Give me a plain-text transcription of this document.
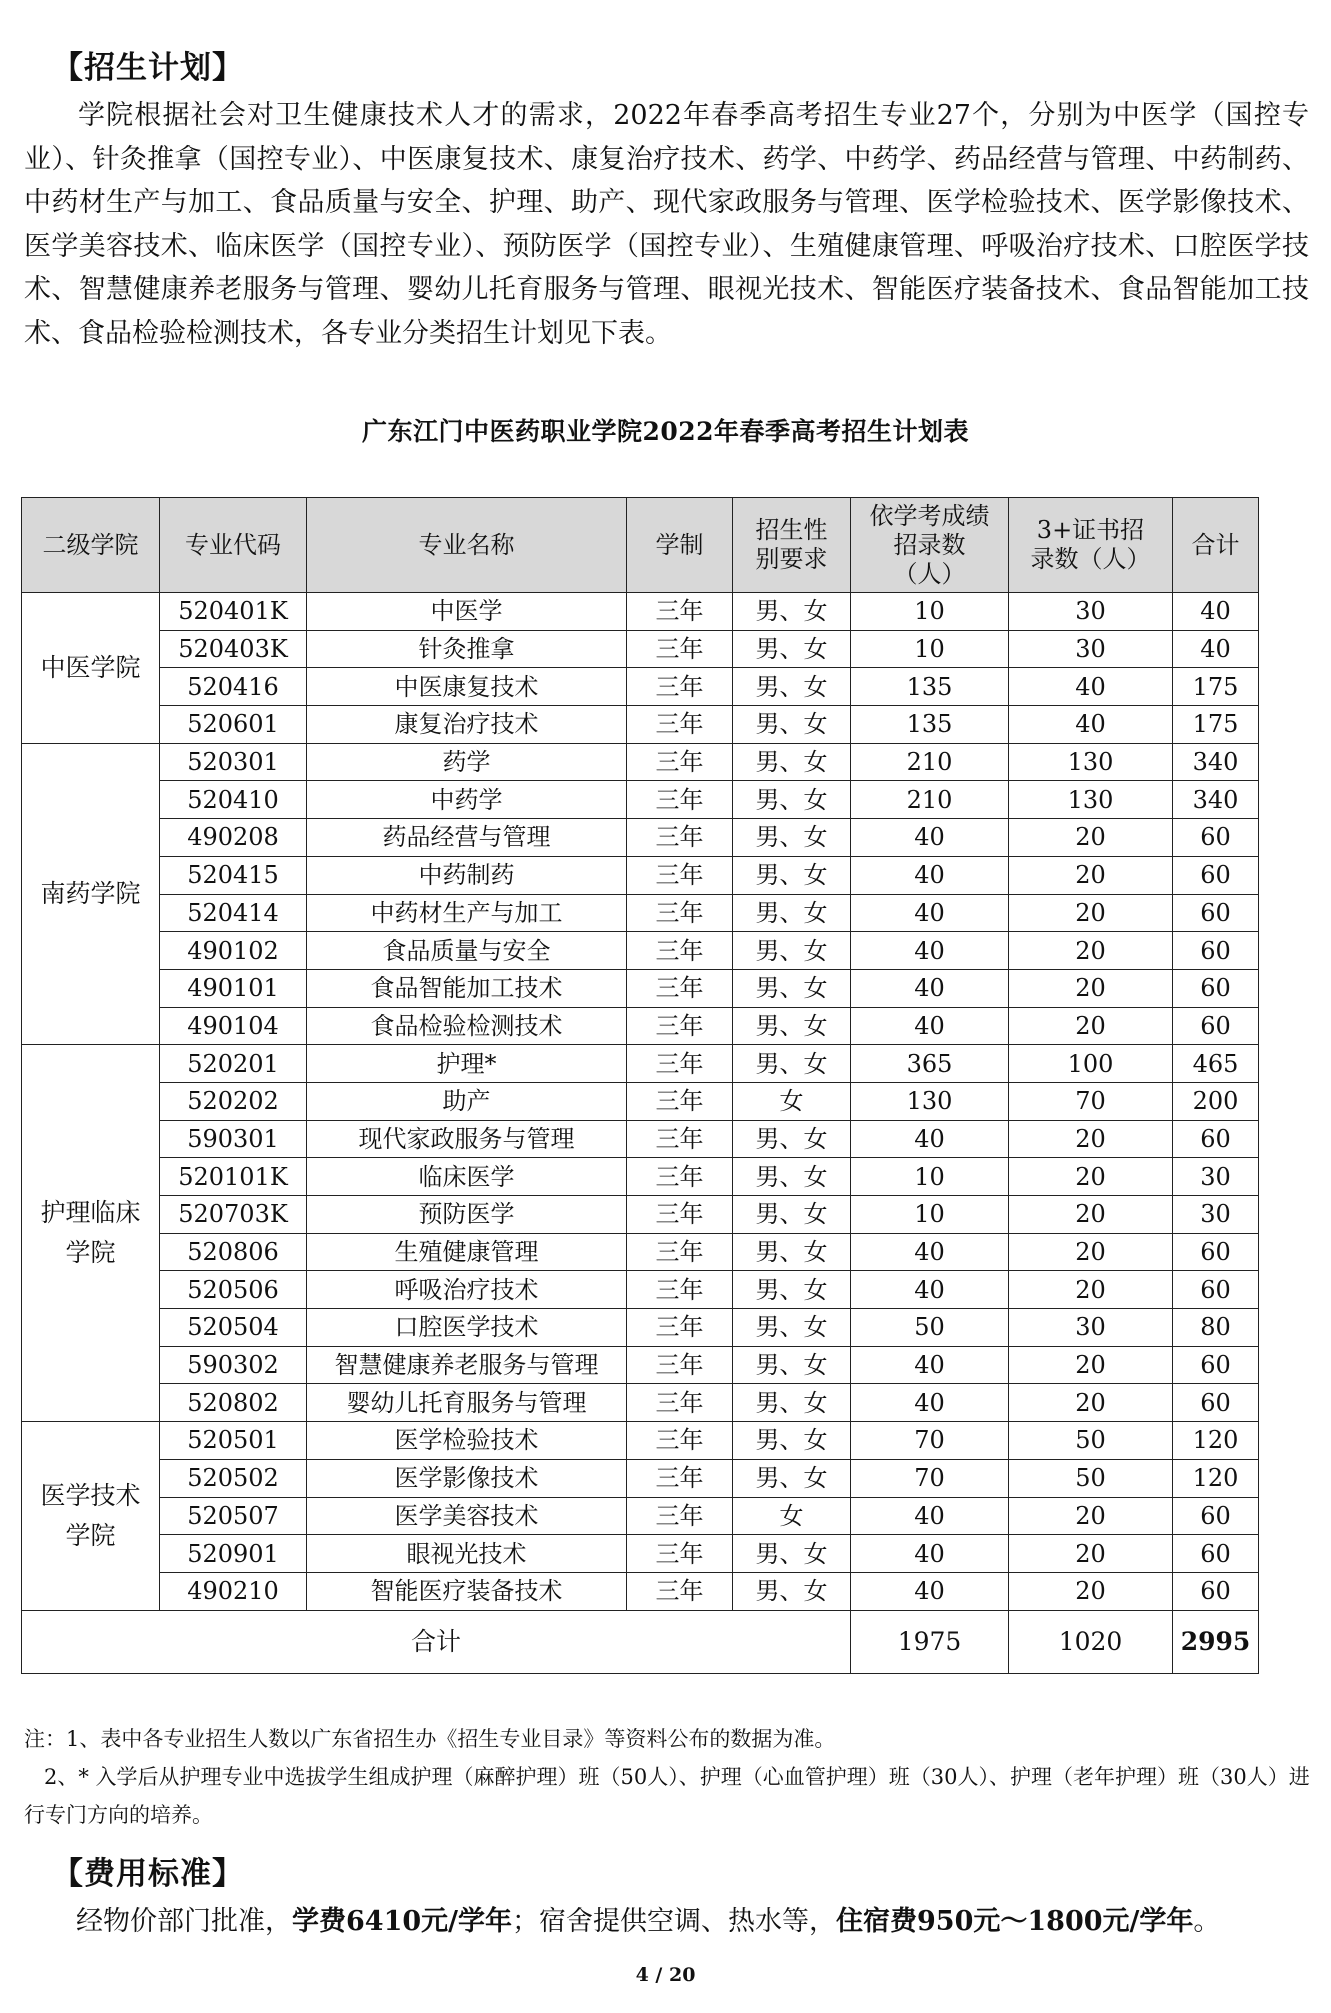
【招生计划】

学院根据社会对卫生健康技术人才的需求，2022年春季高考招生专业27个，分别为中医学（国控专业）、针灸推拿（国控专业）、中医康复技术、康复治疗技术、药学、中药学、药品经营与管理、中药制药、中药材生产与加工、食品质量与安全、护理、助产、现代家政服务与管理、医学检验技术、医学影像技术、医学美容技术、临床医学（国控专业）、预防医学（国控专业）、生殖健康管理、呼吸治疗技术、口腔医学技术、智慧健康养老服务与管理、婴幼儿托育服务与管理、眼视光技术、智能医疗装备技术、食品智能加工技术、食品检验检测技术，各专业分类招生计划见下表。

广东江门中医药职业学院2022年春季高考招生计划表
二级学院	专业代码	专业名称	学制	招生性别要求	依学考成绩招录数（人）	3+证书招录数（人）	合计
中医学院	520401K	中医学	三年	男、女	10	30	40
	520403K	针灸推拿	三年	男、女	10	30	40
	520416	中医康复技术	三年	男、女	135	40	175
	520601	康复治疗技术	三年	男、女	135	40	175
南药学院	520301	药学	三年	男、女	210	130	340
	520410	中药学	三年	男、女	210	130	340
	490208	药品经营与管理	三年	男、女	40	20	60
	520415	中药制药	三年	男、女	40	20	60
	520414	中药材生产与加工	三年	男、女	40	20	60
	490102	食品质量与安全	三年	男、女	40	20	60
	490101	食品智能加工技术	三年	男、女	40	20	60
	490104	食品检验检测技术	三年	男、女	40	20	60
护理临床学院	520201	护理*	三年	男、女	365	100	465
	520202	助产	三年	女	130	70	200
	590301	现代家政服务与管理	三年	男、女	40	20	60
	520101K	临床医学	三年	男、女	10	20	30
	520703K	预防医学	三年	男、女	10	20	30
	520806	生殖健康管理	三年	男、女	40	20	60
	520506	呼吸治疗技术	三年	男、女	40	20	60
	520504	口腔医学技术	三年	男、女	50	30	80
	590302	智慧健康养老服务与管理	三年	男、女	40	20	60
	520802	婴幼儿托育服务与管理	三年	男、女	40	20	60
医学技术学院	520501	医学检验技术	三年	男、女	70	50	120
	520502	医学影像技术	三年	男、女	70	50	120
	520507	医学美容技术	三年	女	40	20	60
	520901	眼视光技术	三年	男、女	40	20	60
	490210	智能医疗装备技术	三年	男、女	40	20	60
合计					1975	1020	2995

注：1、表中各专业招生人数以广东省招生办《招生专业目录》等资料公布的数据为准。

2、* 入学后从护理专业中选拔学生组成护理（麻醉护理）班（50人）、护理（心血管护理）班（30人）、护理（老年护理）班（30人）进行专门方向的培养。

【费用标准】

经物价部门批准，学费6410元/学年；宿舍提供空调、热水等，住宿费950元～1800元/学年。

4 / 20
